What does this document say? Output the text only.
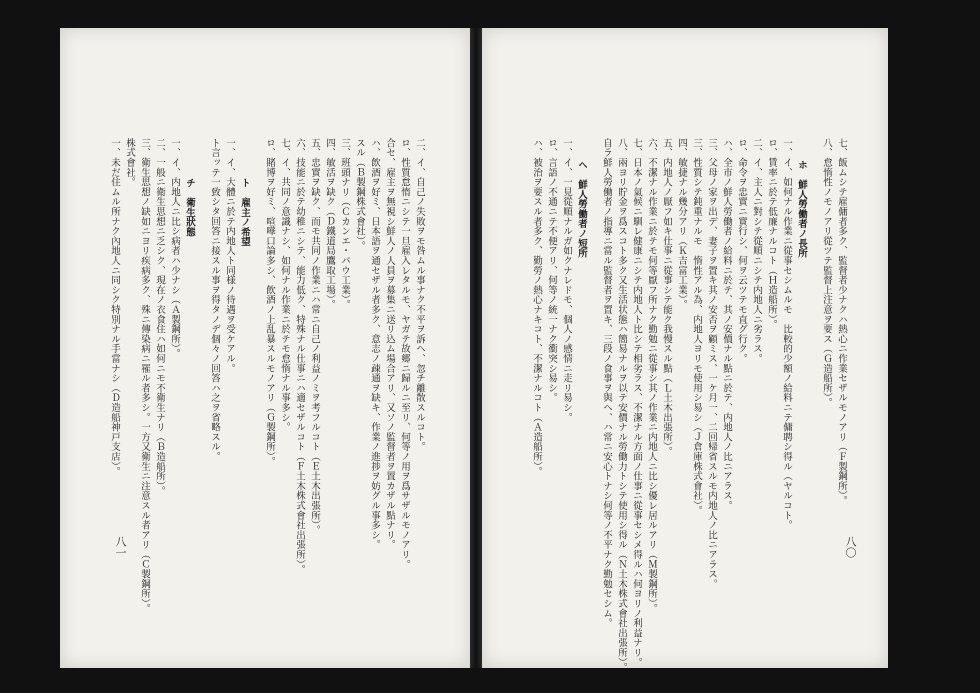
二、イ、自己ノ失敗ヲモ咎ムル事ナク不平ヲ訴ヘ、忽チ離散スルコト。
ロ、性質怠惰ニシテ一旦雇入レタルモ、ヤガテ故郷ニ歸ルニ至リ、何等ノ用ヲ爲サザルモノアリ。
合セ、雇主ヲ無視シ鮮人ノ人員ヲ募集ニ送リ込ム場合アリ、又ソノ監督者ヲ置カザル點ナリ。
ハ、飲酒ヲ好ミ、日本語ヲ通セザル者多ク、意志ノ疎通ヲ缺キ、作業ノ進捗ヲ妨グル事多シ。
スル（Ｂ製鋼株式會社）。
三、班頭ナリ（Ｃカンエ・パウ工業）。
四、敏活ヲ缺ク（Ｄ鐵道局鷹取工場）。
五、忠實ヲ缺ク、而モ共同ノ作業ニハ常ニ自己ノ利益ノミヲ考フルコト（Ｅ土木出張所）。
六、技能ニ於テ幼稚ニシテ、能力低ク、特殊ナル仕事ニハ適セザルコト（Ｆ土木株式會社出張所）。
七、イ、共同ノ意識ナシ、如何ナル作業ニ於テモ怠惰ナル事多シ。
ロ、賭博ヲ好ミ、喧嘩口論多シ、飲酒ノ上乱暴スルモノアリ（Ｇ製鋼所）。
ト　雇主ノ希望
一、イ、大體ニ於テ内地人ト同様ノ待遇ヲ受ケアル。
ト言ッテ一致シタ回答ニ接スル事ヲ得タノデ個々ノ回答ハ之ヲ省略スル。
チ　衛生狀態
一、イ、内地人ニ比シ病者ハ少ナシ（Ａ製鋼所）。
二、一般ニ衛生思想ニ乏シク、現在ノ衣食住ハ如何ニモ不衛生ナリ（Ｂ造船所）。
三、衛生思想ノ缺如ニヨリ疾病多ク、殊ニ傳染病ニ罹ル者多シ。一方又衛生ニ注意スル者アリ（Ｃ製鋼所）。
株式會社。
一、未だ住ムル所ナク內地人ニ同シク特別ナル手當ナシ（Ｄ造船神戸支店）。
八一
七、飯ムシテ雇傭者多ク、監督者少ナクハ熱心ニ作業セザルモノアリ（Ｆ製鋼所）。
八、怠惰性ノモノアリ從ツテ監督上注意ヲ要ス（Ｇ造船所）。
ホ　鮮人勞働者ノ長所
一、イ、如何ナル作業ニ從事セシムルモ　比較的少額ノ給料ニテ傭聘シ得ル（ヤルコト。
ロ、賃率ニ於テ低廉ナルコト（Ｈ造船所）。
二、イ、主人ニ對シテ從順ニシテ内地人ニ劣ラス。
ロ、命令ヲ忠實ニ實行シ、何ヲ云ツテモ直グ行ク。
ハ、全市ノ鮮人勞働者ノ給料ニ於テ、其ノ安價ナル點ニ於テ、内地人ノ比ニアラス。
三、父母ノ家ヲ出デ、妻子ヲ置キ其ノ安否ヲ顧ミス、一ケ月一、二回帰省スルモ内地人ノ比ニアラス。
三、性質シテ鈍重ナルモ　惰性アル為、内地人ヨリモ使用シ易シ（Ｊ倉庫株式會社）。
四、敏捷ナル幾分アリ（Ｋ吉富工業）。
五、内地人ノ厭フ如キ仕事ニ從事シテ能ク我慢スル點（Ｌ土木出張所）。
六、不潔ナル作業ニ於テモ何等厭フ所ナク勤勉ニ從事シ其ノ作業ニ内地人ニ比シ優レ居ルアリ（Ｍ製鋼所）。
七、日本ノ氣候ニ馴レ健康ニシテ内地人ト比シテ相劣ラス、不潔ナル方面ノ仕事ニ從事セシメ得ルハ何ヨリノ利益ナリ。
八、兩ヨリ貯金ヲ爲スコト多ク又生活状態ハ簡易ナルヲ以テ安價ナル勞働力トシテ使用シ得ル（Ｎ土木株式會社出張所）。
自ラ鮮人勞働者ノ指導ニ當ル監督者ヲ置キ、三段ノ食事ヲ與ヘ、ハ常ニ安心トナシ何等ノ不平ナク勤勉セシム。
ヘ　鮮人勞働者ノ短所
一、イ、一見從順ナルガ如クナレドモ、個人ノ感情ニ走リ易シ。
ロ、言語ノ不通ニテ不便アリ、何等ノ統一ナク衝突シ易シ。
ハ、被治ヲ要スル者多ク、勤勞ノ熱心ナキコト、不潔ナルコト（Ａ造船所）。
八〇
